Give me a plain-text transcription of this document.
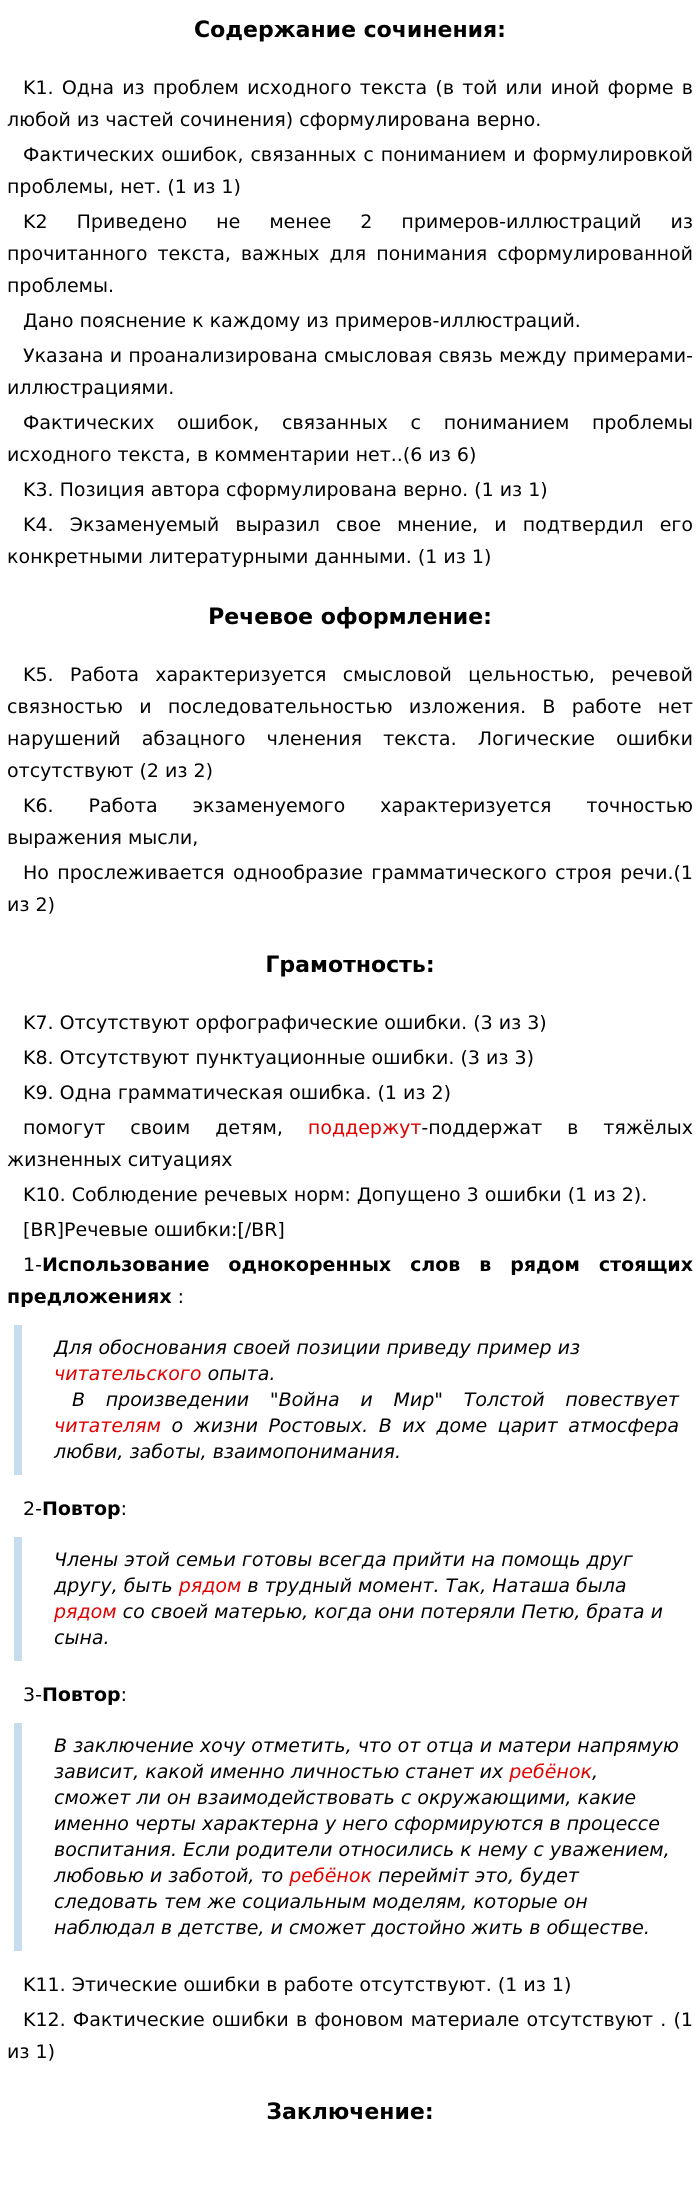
Содержание сочинения:

K1. Одна из проблем исходного текста (в той или иной форме в любой из частей сочинения) сформулирована верно.

Фактических ошибок, связанных с пониманием и формулировкой проблемы, нет. (1 из 1)

K2 Приведено не менее 2 примеров-иллюстраций из прочитанного текста, важных для понимания сформулированной проблемы.

Дано пояснение к каждому из примеров-иллюстраций.

Указана и проанализирована смысловая связь между примерами-иллюстрациями.

Фактических ошибок, связанных с пониманием проблемы исходного текста, в комментарии нет..(6 из 6)

K3. Позиция автора сформулирована верно. (1 из 1)

K4. Экзаменуемый выразил свое мнение, и подтвердил его конкретными литературными данными. (1 из 1)

Речевое оформление:

K5. Работа характеризуется смысловой цельностью, речевой связностью и последовательностью изложения. В работе нет нарушений абзацного членения текста. Логические ошибки отсутствуют (2 из 2)

K6. Работа экзаменуемого характеризуется точностью выражения мысли,

Но прослеживается однообразие грамматического строя речи.(1 из 2)

Грамотность:

K7. Отсутствуют орфографические ошибки. (3 из 3)

K8. Отсутствуют пунктуационные ошибки. (3 из 3)

K9. Одна грамматическая ошибка. (1 из 2)

помогут своим детям, поддержут-поддержат в тяжёлых жизненных ситуациях

K10. Соблюдение речевых норм: Допущено 3 ошибки (1 из 2).

[BR]Речевые ошибки:[/BR]

1-Использование однокоренных слов в рядом стоящих предложениях :

Для обоснования своей позиции приведу пример из
читательского опыта.
В произведении "Война и Мир" Толстой повествует читателям о жизни Ростовых. В их доме царит атмосфера любви, заботы, взаимопонимания.

2-Повтор:

Члены этой семьи готовы всегда прийти на помощь друг другу, быть рядом в трудный момент. Так, Наташа была рядом со своей матерью, когда они потеряли Петю, брата и сына.

3-Повтор:

В заключение хочу отметить, что от отца и матери напрямую зависит, какой именно личностью станет их ребёнок, сможет ли он взаимодействовать с окружающими, какие именно черты характерна у него сформируются в процессе воспитания. Если родители относились к нему с уважением, любовью и заботой, то ребёнок перейміт это, будет следовать тем же социальным моделям, которые он наблюдал в детстве, и сможет достойно жить в обществе.

K11. Этические ошибки в работе отсутствуют. (1 из 1)

K12. Фактические ошибки в фоновом материале отсутствуют . (1 из 1)

Заключение:
